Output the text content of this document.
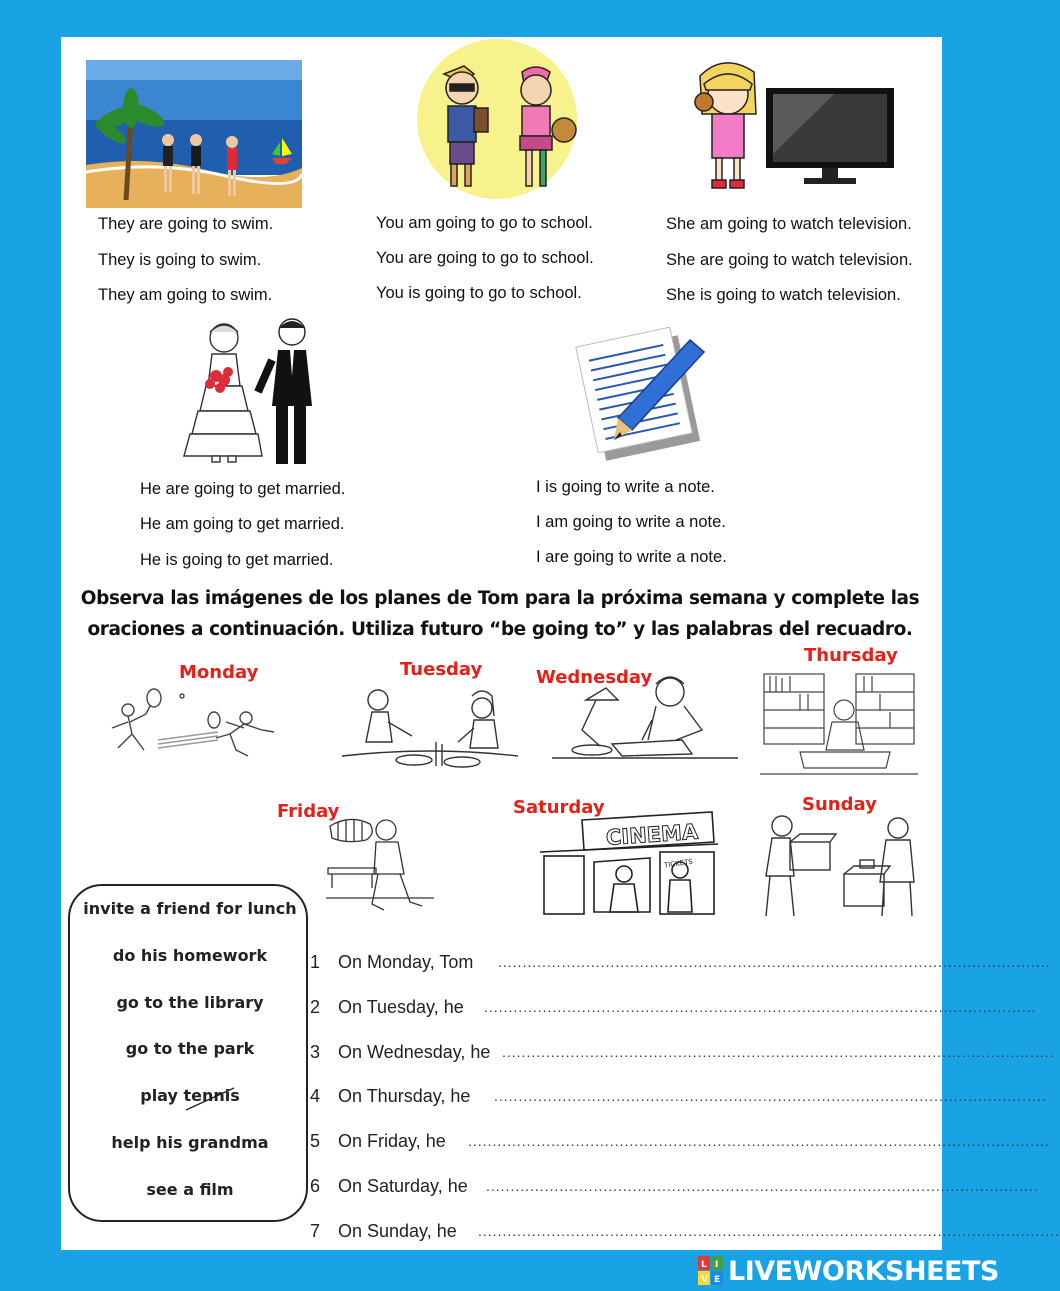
They are going to swim.
They is going to swim.
They am going to swim.
You am going to go to school.
You are going to go to school.
You is going to go to school.
She am going to watch television.
She are going to watch television.
She is going to watch television.
He are going to get married.
He am going to get married.
He is going to get married.
I is going to write a note.
I am going to write a note.
I are going to write a note.
Observa las imágenes de los planes de Tom para la próxima semana y complete las
oraciones a continuación. Utiliza futuro “be going to” y las palabras del recuadro.
Monday	Tuesday	Wednesday
Thursday
Friday	Saturday	Sunday
CINEMA
TICKETS
invite a friend for lunch
do his homework
go to the library
go to the park
play tennis
help his grandma
see a film
1 On Monday, Tom .................................................................................................................
2 On Tuesday, he .................................................................................................................
3 On Wednesday, he .................................................................................................................
4 On Thursday, he .................................................................................................................
5 On Friday, he .......................................................................................................................
6 On Saturday, he .................................................................................................................
7 On Sunday, he .......................................................................................................................
L I
V E LIVEWORKSHEETS
